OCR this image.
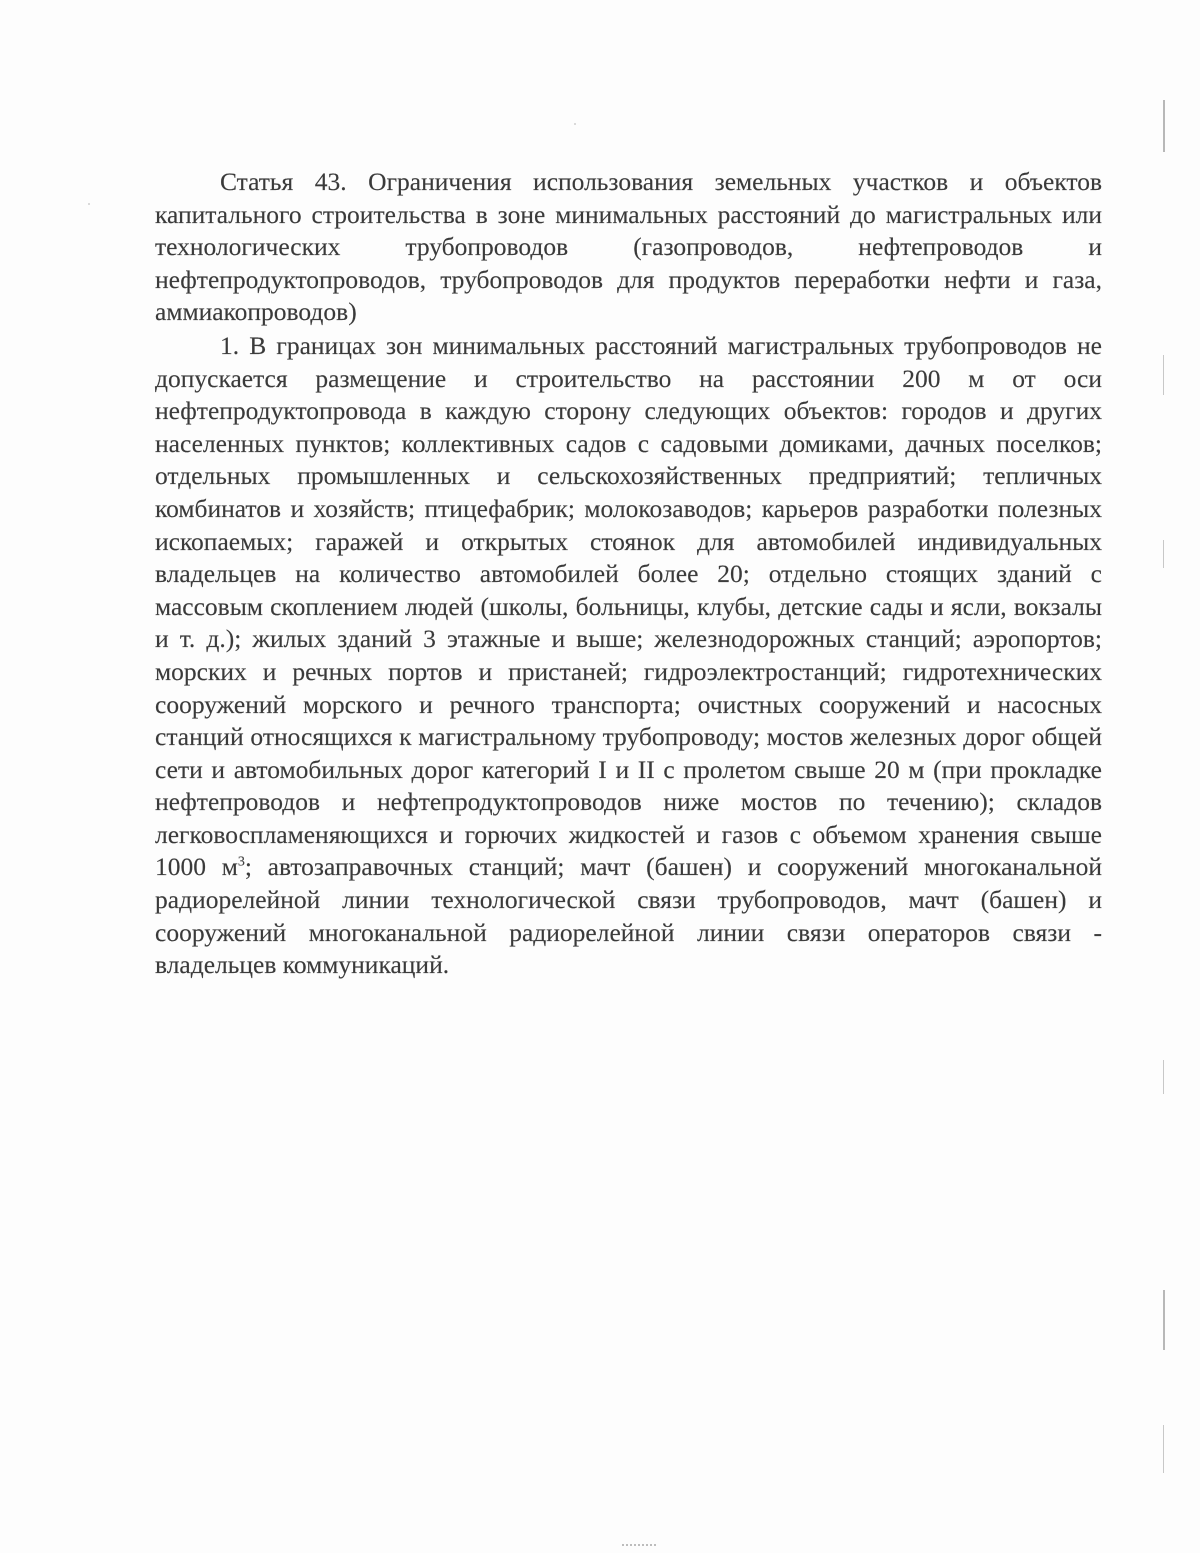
Статья 43. Ограничения использования земельных участков и объектов капитального строительства в зоне минимальных расстояний до магистральных или технологических трубопроводов (газопроводов, нефтепроводов и нефтепродуктопроводов, трубопроводов для продуктов переработки нефти и газа, аммиакопроводов)

1. В границах зон минимальных расстояний магистральных трубопроводов не допускается размещение и строительство на расстоянии 200 м от оси нефтепродуктопровода в каждую сторону следующих объектов: городов и других населенных пунктов; коллективных садов с садовыми домиками, дачных поселков; отдельных промышленных и сельскохозяйственных предприятий; тепличных комбинатов и хозяйств; птицефабрик; молокозаводов; карьеров разработки полезных ископаемых; гаражей и открытых стоянок для автомобилей индивидуальных владельцев на количество автомобилей более 20; отдельно стоящих зданий с массовым скоплением людей (школы, больницы, клубы, детские сады и ясли, вокзалы и т. д.); жилых зданий 3 этажные и выше; железнодорожных станций; аэропортов; морских и речных портов и пристаней; гидроэлектростанций; гидротехнических сооружений морского и речного транспорта; очистных сооружений и насосных станций относящихся к магистральному трубопроводу; мостов железных дорог общей сети и автомобильных дорог категорий I и II с пролетом свыше 20 м (при прокладке нефтепроводов и нефтепродуктопроводов ниже мостов по течению); складов легковоспламеняющихся и горючих жидкостей и газов с объемом хранения свыше 1000 $м^3$; автозаправочных станций; мачт (башен) и сооружений многоканальной радиорелейной линии технологической связи трубопроводов, мачт (башен) и сооружений многоканальной радиорелейной линии связи операторов связи - владельцев коммуникаций.
